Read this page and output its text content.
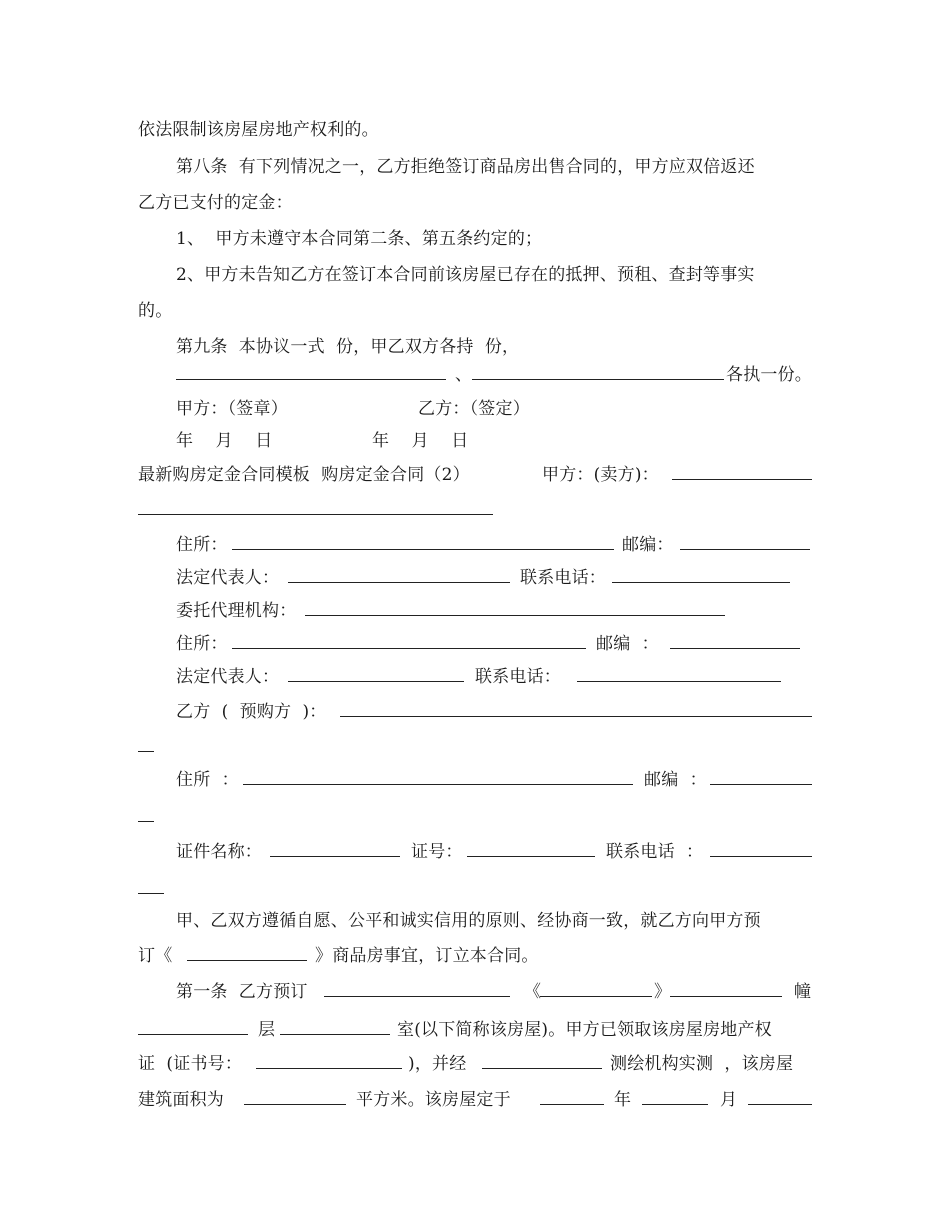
依法限制该房屋房地产权利的。
第八条  有下列情况之一，乙方拒绝签订商品房出售合同的，甲方应双倍返还
乙方已支付的定金：
1、  甲方未遵守本合同第二条、第五条约定的；
2、甲方未告知乙方在签订本合同前该房屋已存在的抵押、预租、查封等事实
的。
第九条  本协议一式  份，甲乙双方各持  份，
、	各执一份。
甲方：（签章）	乙方：（签定）
年    月    日	年    月    日
最新购房定金合同模板  购房定金合同（2）	甲方：(卖方)：
住所：	邮编：
法定代表人：	联系电话：
委托代理机构：
住所：	邮编  ：
法定代表人：	联系电话：
乙方  (  预购方  )：
住所  ：	邮编  ：
证件名称：	证号：	联系电话  ：
甲、乙双方遵循自愿、公平和诚实信用的原则、经协商一致，就乙方向甲方预
订《	》商品房事宜，订立本合同。
第一条  乙方预订	《	》	幢
层	室(以下简称该房屋)。甲方已领取该房屋房地产权
证  (证书号：	)，并经	测绘机构实测  ，该房屋
建筑面积为	平方米。该房屋定于	年	月
